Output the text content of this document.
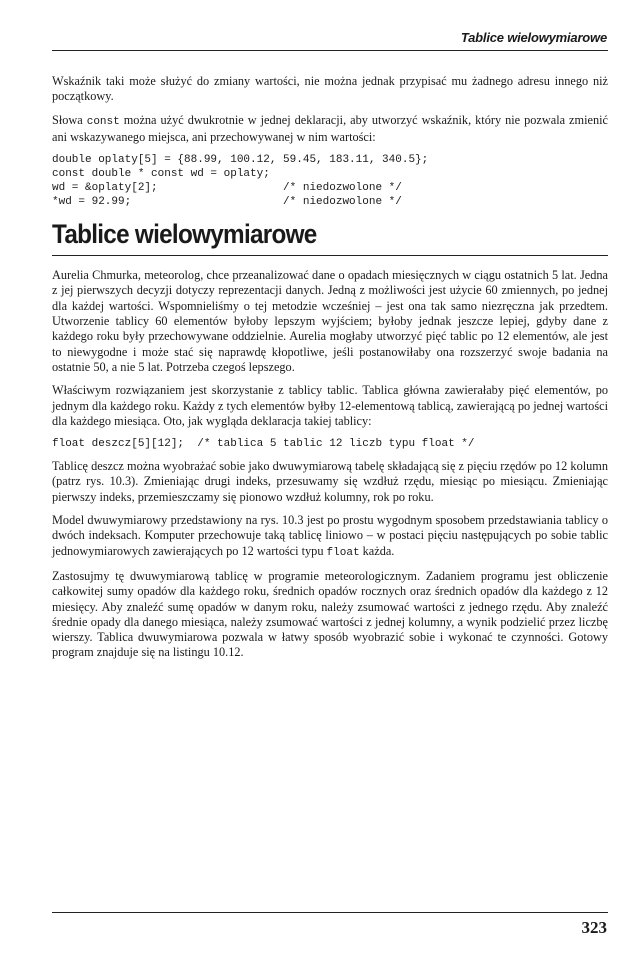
Tablice wielowymiarowe

Wskaźnik taki może służyć do zmiany wartości, nie można jednak przypisać mu żadnego adresu innego niż początkowy.

Słowa const można użyć dwukrotnie w jednej deklaracji, aby utworzyć wskaźnik, który nie pozwala zmienić ani wskazywanego miejsca, ani przechowywanej w nim wartości:

double oplaty[5] = {88.99, 100.12, 59.45, 183.11, 340.5};
const double * const wd = oplaty;
wd = &oplaty[2];                   /* niedozwolone */
*wd = 92.99;                       /* niedozwolone */
Tablice wielowymiarowe

Aurelia Chmurka, meteorolog, chce przeanalizować dane o opadach miesięcznych w ciągu ostatnich 5 lat. Jedna z jej pierwszych decyzji dotyczy reprezentacji danych. Jedną z możliwości jest użycie 60 zmiennych, po jednej dla każdej wartości. Wspomnieliśmy o tej metodzie wcześniej – jest ona tak samo niezręczna jak przedtem. Utworzenie tablicy 60 elementów byłoby lepszym wyjściem; byłoby jednak jeszcze lepiej, gdyby dane z każdego roku były przechowywane oddzielnie. Aurelia mogłaby utworzyć pięć tablic po 12 elementów, ale jest to niewygodne i może stać się naprawdę kłopotliwe, jeśli postanowiłaby ona rozszerzyć swoje badania na ostatnie 50, a nie 5 lat. Potrzeba czegoś lepszego.

Właściwym rozwiązaniem jest skorzystanie z tablicy tablic. Tablica główna zawierałaby pięć elementów, po jednym dla każdego roku. Każdy z tych elementów byłby 12-elementową tablicą, zawierającą po jednej wartości dla każdego miesiąca. Oto, jak wygląda deklaracja takiej tablicy:

float deszcz[5][12];  /* tablica 5 tablic 12 liczb typu float */

Tablicę deszcz można wyobrażać sobie jako dwuwymiarową tabelę składającą się z pięciu rzędów po 12 kolumn (patrz rys. 10.3). Zmieniając drugi indeks, przesuwamy się wzdłuż rzędu, miesiąc po miesiącu. Zmieniając pierwszy indeks, przemieszczamy się pionowo wzdłuż kolumny, rok po roku.

Model dwuwymiarowy przedstawiony na rys. 10.3 jest po prostu wygodnym sposobem przedstawiania tablicy o dwóch indeksach. Komputer przechowuje taką tablicę liniowo – w postaci pięciu następujących po sobie tablic jednowymiarowych zawierających po 12 wartości typu float każda.

Zastosujmy tę dwuwymiarową tablicę w programie meteorologicznym. Zadaniem programu jest obliczenie całkowitej sumy opadów dla każdego roku, średnich opadów rocznych oraz średnich opadów dla każdego z 12 miesięcy. Aby znaleźć sumę opadów w danym roku, należy zsumować wartości z jednego rzędu. Aby znaleźć średnie opady dla danego miesiąca, należy zsumować wartości z jednej kolumny, a wynik podzielić przez liczbę wierszy. Tablica dwuwymiarowa pozwala w łatwy sposób wyobrazić sobie i wykonać te czynności. Gotowy program znajduje się na listingu 10.12.

323
